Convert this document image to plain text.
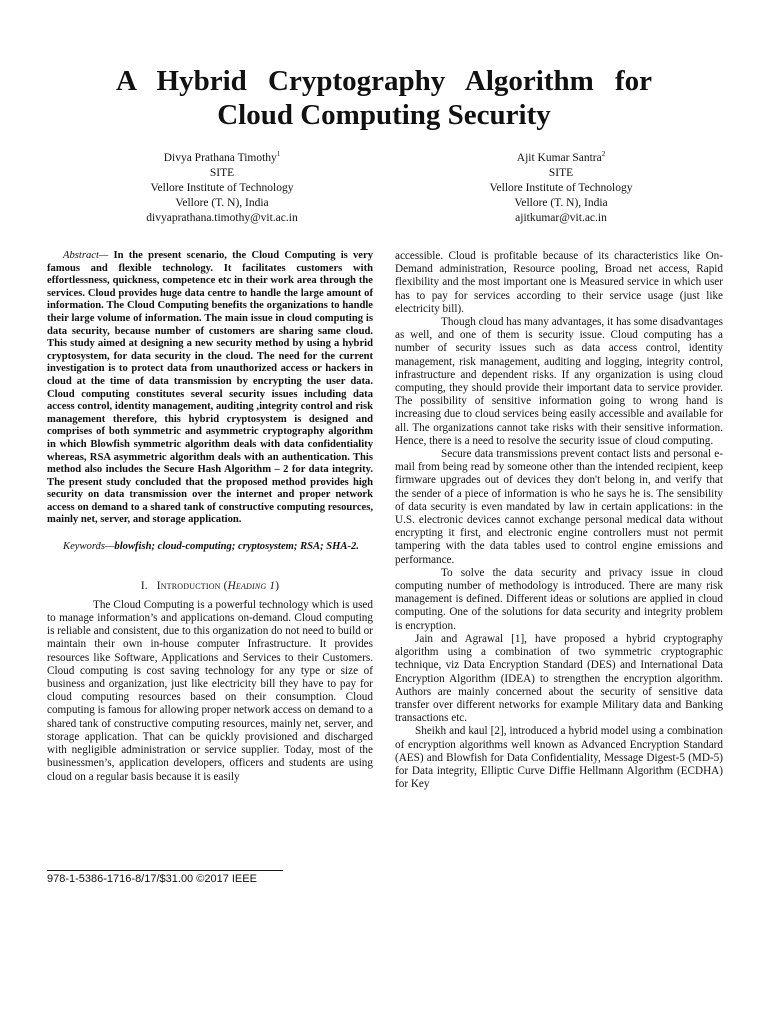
A Hybrid Cryptography Algorithm for
Cloud Computing Security
Divya Prathana Timothy$^1$
SITE
Vellore Institute of Technology
Vellore (T. N), India
divyaprathana.timothy@vit.ac.in
Ajit Kumar Santra$^2$
SITE
Vellore Institute of Technology
Vellore (T. N), India
ajitkumar@vit.ac.in

Abstract— In the present scenario, the Cloud Computing is very famous and flexible technology. It facilitates customers with effortlessness, quickness, competence etc in their work area through the services. Cloud provides huge data centre to handle the large amount of information. The Cloud Computing benefits the organizations to handle their large volume of information. The main issue in cloud computing is data security, because number of customers are sharing same cloud. This study aimed at designing a new security method by using a hybrid cryptosystem, for data security in the cloud. The need for the current investigation is to protect data from unauthorized access or hackers in cloud at the time of data transmission by encrypting the user data. Cloud computing constitutes several security issues including data access control, identity management, auditing ,integrity control and risk management therefore, this hybrid cryptosystem is designed and comprises of both symmetric and asymmetric cryptography algorithm in which Blowfish symmetric algorithm deals with data confidentiality whereas, RSA asymmetric algorithm deals with an authentication. This method also includes the Secure Hash Algorithm – 2 for data integrity. The present study concluded that the proposed method provides high security on data transmission over the internet and proper network access on demand to a shared tank of constructive computing resources, mainly net, server, and storage application.

Keywords—blowfish; cloud-computing; cryptosystem; RSA; SHA-2.

I. Introduction (Heading 1)

The Cloud Computing is a powerful technology which is used to manage information’s and applications on-demand. Cloud computing is reliable and consistent, due to this organization do not need to build or maintain their own in-house computer Infrastructure. It provides resources like Software, Applications and Services to their Customers. Cloud computing is cost saving technology for any type or size of business and organization, just like electricity bill they have to pay for cloud computing resources based on their consumption. Cloud computing is famous for allowing proper network access on demand to a shared tank of constructive computing resources, mainly net, server, and storage application. That can be quickly provisioned and discharged with negligible administration or service supplier. Today, most of the businessmen’s, application developers, officers and students are using cloud on a regular basis because it is easily

accessible. Cloud is profitable because of its characteristics like On-Demand administration, Resource pooling, Broad net access, Rapid flexibility and the most important one is Measured service in which user has to pay for services according to their service usage (just like electricity bill).

Though cloud has many advantages, it has some disadvantages as well, and one of them is security issue. Cloud computing has a number of security issues such as data access control, identity management, risk management, auditing and logging, integrity control, infrastructure and dependent risks. If any organization is using cloud computing, they should provide their important data to service provider. The possibility of sensitive information going to wrong hand is increasing due to cloud services being easily accessible and available for all. The organizations cannot take risks with their sensitive information. Hence, there is a need to resolve the security issue of cloud computing.

Secure data transmissions prevent contact lists and personal e-mail from being read by someone other than the intended recipient, keep firmware upgrades out of devices they don't belong in, and verify that the sender of a piece of information is who he says he is. The sensibility of data security is even mandated by law in certain applications: in the U.S. electronic devices cannot exchange personal medical data without encrypting it first, and electronic engine controllers must not permit tampering with the data tables used to control engine emissions and performance.

To solve the data security and privacy issue in cloud computing number of methodology is introduced. There are many risk management is defined. Different ideas or solutions are applied in cloud computing. One of the solutions for data security and integrity problem is encryption.

Jain and Agrawal [1], have proposed a hybrid cryptography algorithm using a combination of two symmetric cryptographic technique, viz Data Encryption Standard (DES) and International Data Encryption Algorithm (IDEA) to strengthen the encryption algorithm. Authors are mainly concerned about the security of sensitive data transfer over different networks for example Military data and Banking transactions etc.

Sheikh and kaul [2], introduced a hybrid model using a combination of encryption algorithms well known as Advanced Encryption Standard (AES) and Blowfish for Data Confidentiality, Message Digest-5 (MD-5) for Data integrity, Elliptic Curve Diffie Hellmann Algorithm (ECDHA) for Key

978-1-5386-1716-8/17/$31.00 ©2017 IEEE
